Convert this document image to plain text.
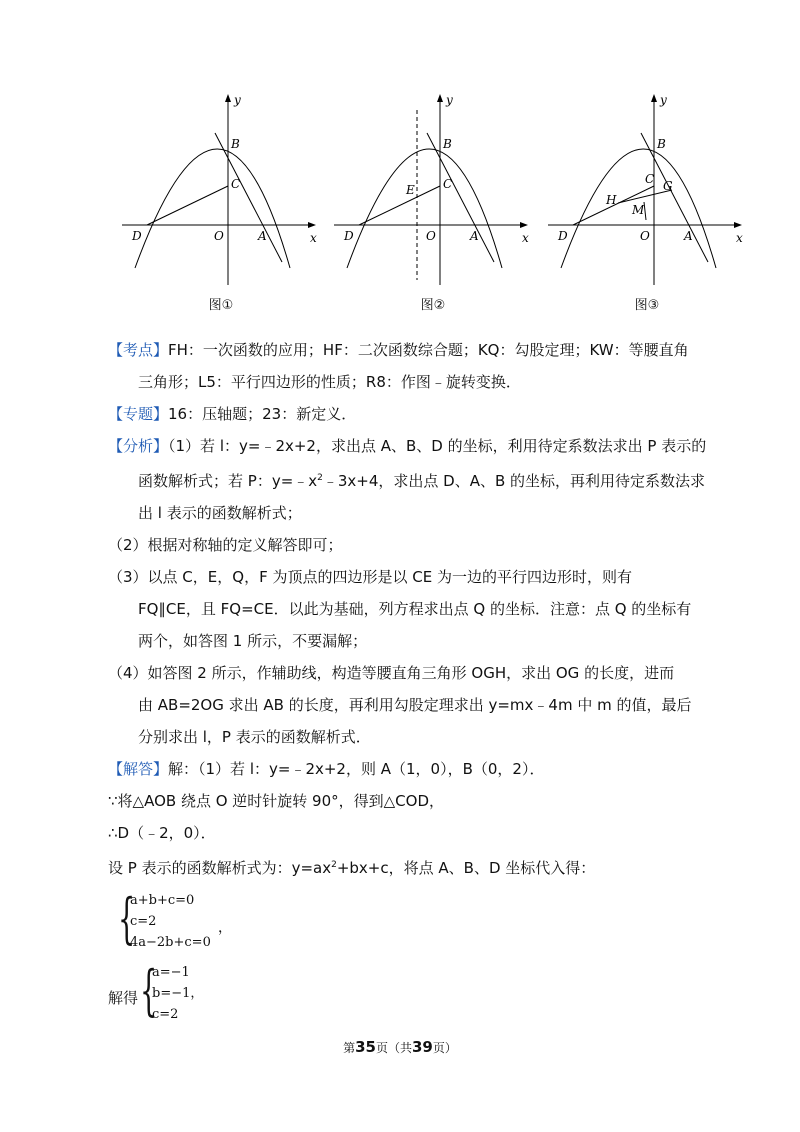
y
x
B
C
D	O	A
y
x
B
C
E
D	O	A
y
x
B
C G
H
M
D	O	A
图①	图②	图③
【考点】FH：一次函数的应用；HF：二次函数综合题；KQ：勾股定理；KW：等腰直角
三角形；L5：平行四边形的性质；R8：作图﹣旋转变换．
【专题】16：压轴题；23：新定义．
【分析】（1）若 l：y=﹣2x+2，求出点 A、B、D 的坐标，利用待定系数法求出 P 表示的
函数解析式；若 P：$y=﹣x^2﹣3x+4$，求出点 D、A、B 的坐标，再利用待定系数法求
出 l 表示的函数解析式；
（2）根据对称轴的定义解答即可；
（3）以点 C，E，Q，F 为顶点的四边形是以 CE 为一边的平行四边形时，则有
FQ∥CE，且 FQ=CE．以此为基础，列方程求出点 Q 的坐标．注意：点 Q 的坐标有
两个，如答图 1 所示，不要漏解；
（4）如答图 2 所示，作辅助线，构造等腰直角三角形 OGH，求出 OG 的长度，进而
由 AB=2OG 求出 AB 的长度，再利用勾股定理求出 y=mx﹣4m 中 m 的值，最后
分别求出 l，P 表示的函数解析式．
【解答】解：（1）若 l：y=﹣2x+2，则 A（1，0），B（0，2）．
∵将△AOB 绕点 O 逆时针旋转 90°，得到△COD，
∴D（﹣2，0）．
设 P 表示的函数解析式为：$y=ax^2+bx+c$，将点 A、B、D 坐标代入得：
{
a+b+c=0
c=2
4a−2b+c=0
，
解得 {
a=−1
b=−1，
c=2
第35页（共39页）
